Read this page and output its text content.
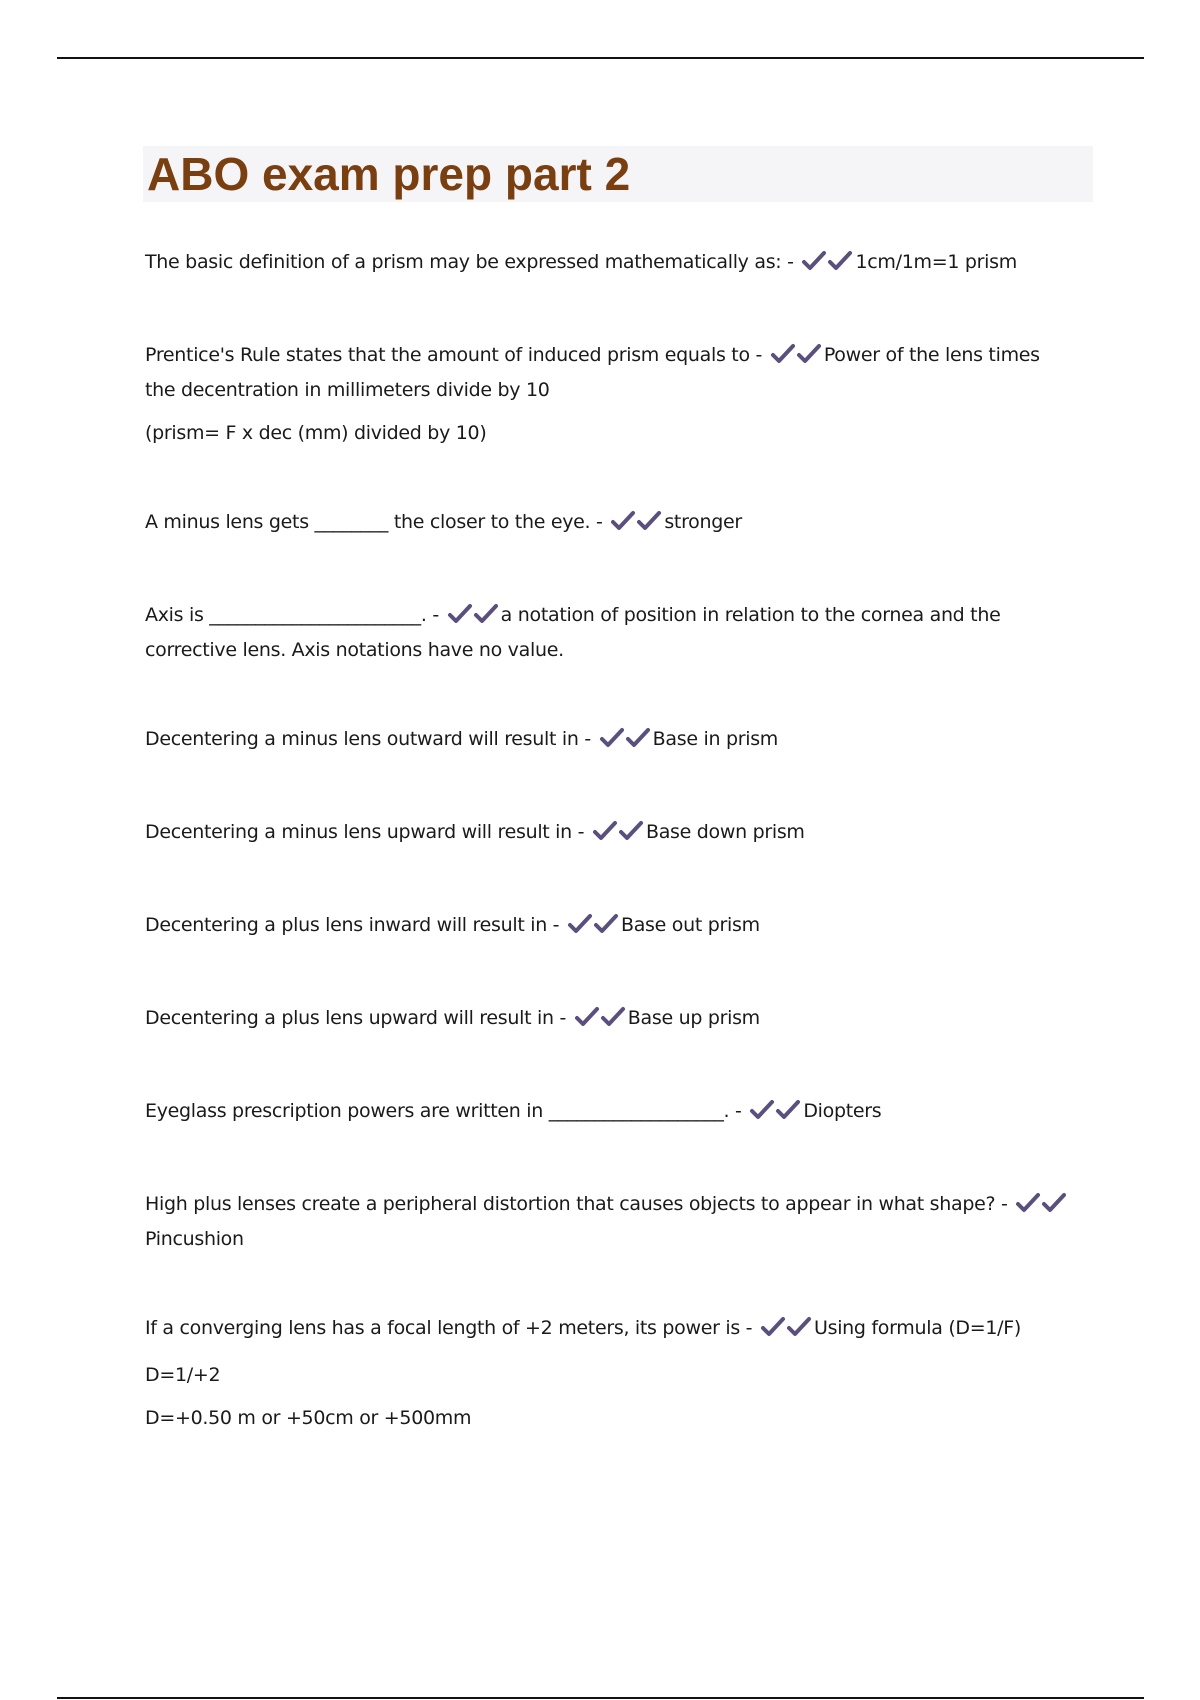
ABO exam prep part 2

The basic definition of a prism may be expressed mathematically as: -	1cm/1m=1 prism

Prentice's Rule states that the amount of induced prism equals to -	Power of the lens times the decentration in millimeters divide by 10

(prism= F x dec (mm) divided by 10)

A minus lens gets ________ the closer to the eye. -	stronger

Axis is _______________________. -	a notation of position in relation to the cornea and the corrective lens. Axis notations have no value.

Decentering a minus lens outward will result in -	Base in prism

Decentering a minus lens upward will result in -	Base down prism

Decentering a plus lens inward will result in -	Base out prism

Decentering a plus lens upward will result in -	Base up prism

Eyeglass prescription powers are written in ___________________. -	Diopters

High plus lenses create a peripheral distortion that causes objects to appear in what shape? - Pincushion

If a converging lens has a focal length of +2 meters, its power is -	Using formula (D=1/F)

D=1/+2

D=+0.50 m or +50cm or +500mm
